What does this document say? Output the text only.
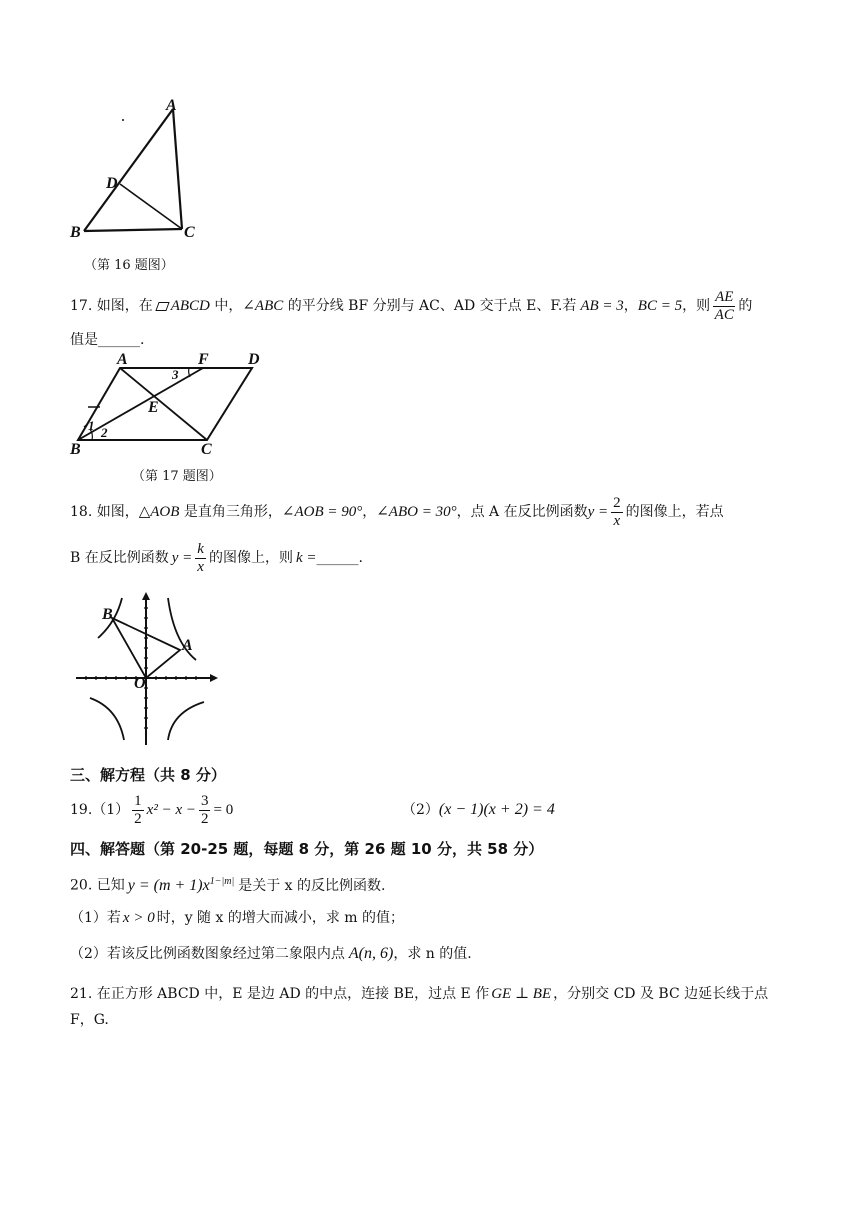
A
D
B	C
（第 16 题图）
17. 如图，在 ABCD 中，∠ABC 的平分线 BF 分别与 AC、AD 交于点 E、F.若 AB = 3，BC = 5，则 $\frac{AE}{AC}$ 的
值是______.
A	F D
E
B	C
1 2
3
（第 17 题图）
18. 如图，△AOB 是直角三角形，∠AOB = 90°，∠ABO = 30°，点 A 在反比例函数$y = \frac{2}{x}$ 的图像上，若点
B 在反比例函数 $y = \frac{k}{x}$ 的图像上，则 k =______.
B
A
O
三、解方程（共 8 分）
$19.(1) \frac{1}{2} x^2 - x - \frac{3}{2} = 0$	（2）(x − 1)(x + 2) = 4
四、解答题（第 20-25 题，每题 8 分，第 26 题 10 分，共 58 分）
20. 已知 $y = (m + 1)x^{1-|m|}$ 是关于 x 的反比例函数.
（1）若 x > 0 时，y 随 x 的增大而减小，求 m 的值；
（2）若该反比例函数图象经过第二象限内点 A(n, 6)，求 n 的值.
21. 在正方形 ABCD 中，E 是边 AD 的中点，连接 BE，过点 E 作 GE ⊥ BE ，分别交 CD 及 BC 边延长线于点
F，G.
